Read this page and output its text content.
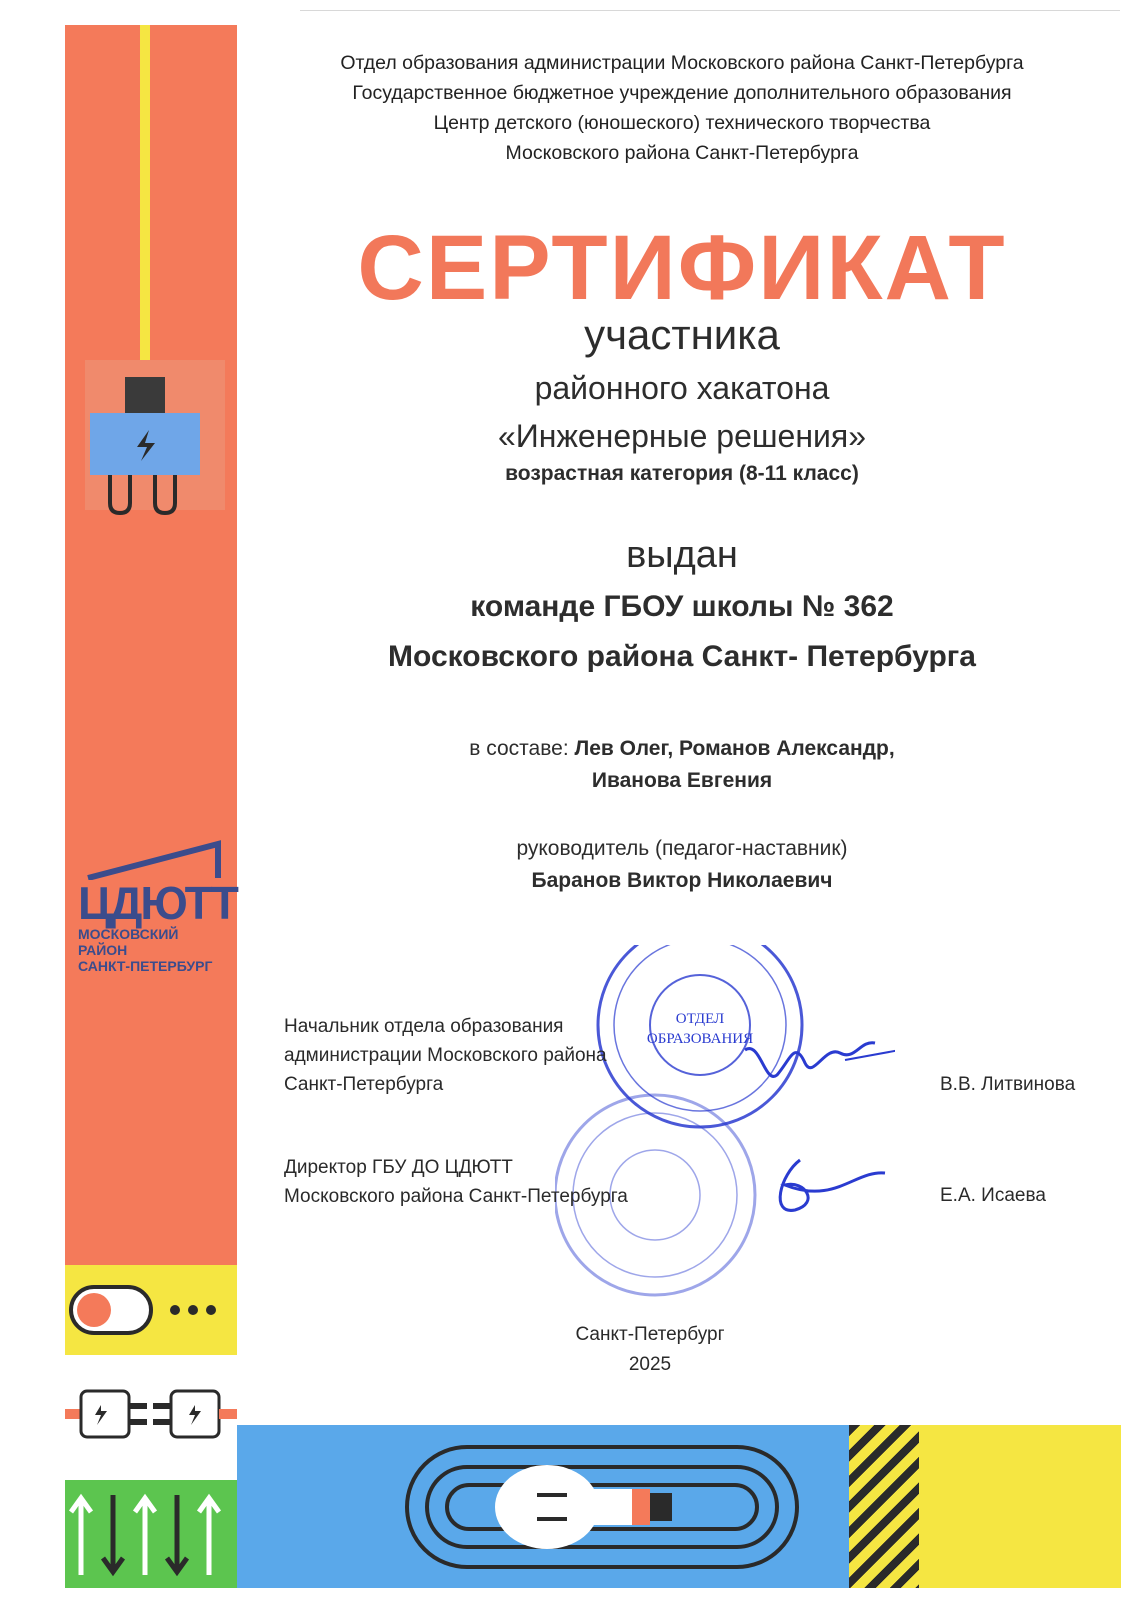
ЦДЮТТ
МОСКОВСКИЙ РАЙОН
САНКТ-ПЕТЕРБУРГ
Отдел образования администрации Московского района Санкт-Петербурга
Государственное бюджетное учреждение дополнительного образования
Центр детского (юношеского) технического творчества
Московского района Санкт-Петербурга
СЕРТИФИКАТ
участника
районного хакатона
«Инженерные решения»
возрастная категория (8-11 класс)
выдан
команде ГБОУ школы № 362
Московского района Санкт- Петербурга
в составе: Лев Олег, Романов Александр,
Иванова Евгения
руководитель (педагог-наставник)
Баранов Виктор Николаевич
ОТДЕЛ
ОБРАЗОВАНИЯ
Начальник отдела образования
администрации Московского района
Санкт-Петербурга	В.В. Литвинова
Директор ГБУ ДО ЦДЮТТ
Московского района Санкт-Петербурга	Е.А. Исаева
Санкт-Петербург
2025
